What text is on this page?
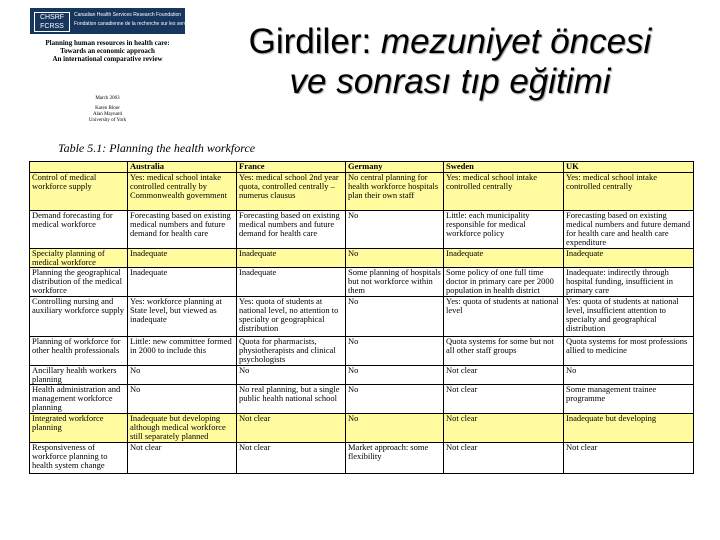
CHSRF
FCRSS
Canadian Health Services Research Foundation
Fondation canadienne de la recherche sur les services de santé
Planning human resources in health care:
Towards an economic approach
An international comparative review
March 2003
Karen Bloor
Alan Maynard
University of York
Girdiler: mezuniyet öncesi
ve sonrası tıp eğitimi
Table 5.1: Planning the health workforce
	Australia	France	Germany	Sweden	UK
Control of medical workforce supply	Yes: medical school intake controlled centrally by Commonwealth government	Yes: medical school 2nd year quota, controlled centrally – numerus clausus	No central planning for health workforce hospitals plan their own staff	Yes: medical school intake controlled centrally	Yes: medical school intake controlled centrally
Demand forecasting for medical workforce	Forecasting based on existing medical numbers and future demand for health care	Forecasting based on existing medical numbers and future demand for health care	No	Little: each municipality responsible for medical workforce policy	Forecasting based on existing medical numbers and future demand for health care and health care expenditure
Specialty planning of medical workforce	Inadequate	Inadequate	No	Inadequate	Inadequate
Planning the geographical distribution of the medical workforce	Inadequate	Inadequate	Some planning of hospitals but not workforce within them	Some policy of one full time doctor in primary care per 2000 population in health district	Inadequate: indirectly through hospital funding, insufficient in primary care
Controlling nursing and auxiliary workforce supply	Yes: workforce planning at State level, but viewed as inadequate	Yes: quota of students at national level, no attention to specialty or geographical distribution	No	Yes: quota of students at national level	Yes: quota of students at national level, insufficient attention to specialty and geographical distribution
Planning of workforce for other health professionals	Little: new committee formed in 2000 to include this	Quota for pharmacists, physiotherapists and clinical psychologists	No	Quota systems for some but not all other staff groups	Quota systems for most professions allied to medicine
Ancillary health workers planning	No	No	No	Not clear	No
Health administration and management workforce planning	No	No real planning, but a single public health national school	No	Not clear	Some management trainee programme
Integrated workforce planning	Inadequate but developing although medical workforce still separately planned	Not clear	No	Not clear	Inadequate but developing
Responsiveness of workforce planning to health system change	Not clear	Not clear	Market approach: some flexibility	Not clear	Not clear
